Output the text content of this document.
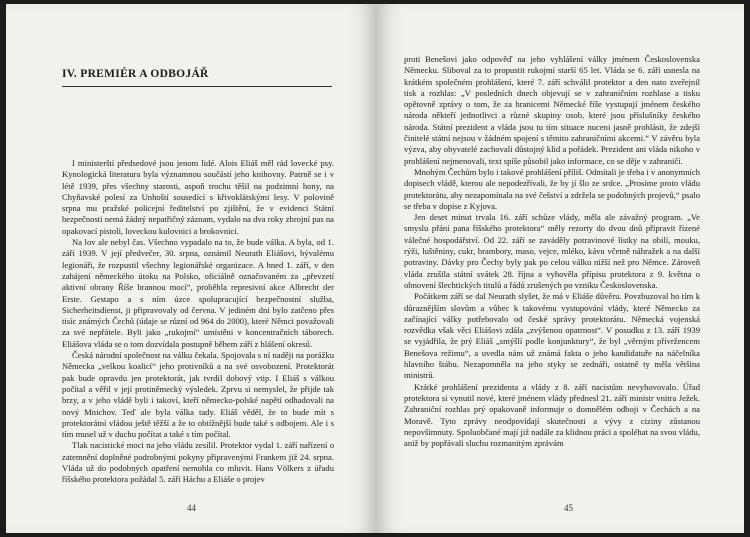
IV. PREMIÉR A ODBOJÁŘ

I ministerští předsedové jsou jenom lidé. Alois Eliáš měl rád lovecké psy. Kynologická literatura byla významnou součástí jeho knihovny. Patrně se i v létě 1939, přes všechny starosti, aspoň trochu těšil na podzimní hony, na Chyňavské polesí za Unhoští sousedící s křivoklátskými lesy. V polovině srpna mu pražské policejní ředitelství po zjištění, že v evidenci Státní bezpečnosti nemá žádný nepatřičný záznam, vydalo na dva roky zbrojní pas na opakovací pistoli, loveckou kulovnici a brokovnici.

Na lov ale nebyl čas. Všechno vypadalo na to, že bude válka. A byla, od 1. září 1939. V její předvečer, 30. srpna, oznámil Neurath Eliášovi, bývalému legionáři, že rozpustil všechny legionářské organizace. A hned 1. září, v den zahájení německého útoku na Polsko, oficiálně označovaném za „převzetí aktivní obrany Říše brannou mocí“, proběhla represivní akce Albrecht der Erste. Gestapo a s ním úzce spolupracující bezpečnostní služba, Sicherheitsdienst, ji připravovaly od června. V jediném dni bylo zatčeno přes tisíc známých Čechů (údaje se různí od 964 do 2000), které Němci považovali za své nepřátele. Byli jako „rukojmí“ umístěni v koncentračních táborech. Eliášova vláda se o tom dozvídala postupně během září z hlášení okresů.

Česká národní společnost na válku čekala. Spojovala s ní naději na porážku Německa „velkou koalicí“ jeho protivníků a na své osvobození. Protektorát pak bude opravdu jen protektorát, jak tvrdil dobový vtip. I Eliáš s válkou počítal a věřil v její protiněmecký výsledek. Zprvu si nemyslel, že přijde tak brzy, a v jeho vládě byli i takoví, kteří německo-polské napětí odhadovali na nový Mnichov. Teď ale byla válka tady. Eliáš věděl, že to bude mít s protektorátní vládou ještě těžší a že to obtížnější bude také s odbojem. Ale i s tím musel už v duchu počítat a také s tím počítal.

Tlak nacistické moci na jeho vládu zesílil. Protektor vydal 1. září nařízení o zatemnění doplněné podrobnými pokyny připravenými Frankem již 24. srpna. Vláda už do podobných opatření nemohla co mluvit. Hans Völkers z úřadu říšského protektora požádal 5. září Háchu a Eliáše o projev

44

proti Benešovi jako odpověď na jeho vyhlášení války jménem Československa Německu. Sliboval za to propustit rukojmí starší 65 let. Vláda se 6. září usnesla na krátkém společném prohlášení, které 7. září schválil protektor a den nato zveřejnil tisk a rozhlas: „V posledních dnech objevují se v zahraničním rozhlase a tisku opětovně zprávy o tom, že za hranicemi Německé říše vystupují jménem českého národa někteří jednotlivci a různé skupiny osob, které jsou příslušníky českého národa. Státní prezident a vláda jsou tu tím situace nuceni jasně prohlásit, že zdejší činitelé státní nejsou v žádném spojení s těmito zahraničními akcemi.“ V závěru byla výzva, aby obyvatelé zachovali důstojný klid a pořádek. Prezident ani vláda nikoho v prohlášení nejmenovali, text spíše působil jako informace, co se děje v zahraničí.

Mnohým Čechům bylo i takové prohlášení příliš. Odmítali je třeba i v anonymních dopisech vládě, kterou ale nepodezřívali, že by jí šlo ze srdce. „Prosíme proto vládu protektorátu, aby nezapomínala na své češství a zdržela se podobných projevů,“ psalo se třeba v dopise z Kyjova.

Jen deset minut trvala 16. září schůze vlády, měla ale závažný program. „Ve smyslu přání pana říšského protektora“ měly rezorty do dvou dnů připravit řízené válečné hospodářství. Od 22. září se zaváděly potravinové lístky na obilí, mouku, rýži, luštěniny, cukr, brambory, maso, vejce, mléko, kávu včetně náhražek a na další potraviny. Dávky pro Čechy byly pak po celou válku nižší než pro Němce. Zároveň vláda zrušila státní svátek 28. října a vyhověla přípisu protektora z 9. května o obnovení šlechtických titulů a řádů zrušených po vzniku Československa.

Počátkem září se dal Neurath slyšet, že má v Eliáše důvěru. Povzbuzoval ho tím k důraznějším slovům a vůbec k takovému vystupování vlády, které Německo za začínající války potřebovalo od české správy protektorátu. Německá vojenská rozvědka však věci Eliášovi zdála „zvýšenou opatrnost“. V posudku z 13. září 1939 se vyjádřila, že prý Eliáš „smýšlí podle konjunktury“, že byl „věrným přívržencem Benešova režimu“, a uvedla nám už známá fakta o jeho kandidatuře na náčelníka hlavního štábu. Nezapomněla na jeho styky se zednáři, ostatně ty měla většina ministrů.

Krátké prohlášení prezidenta a vlády z 8. září nacistům nevyhovovalo. Úřad protektora si vynutil nové, které jménem vlády přednesl 21. září ministr vnitra Ježek. Zahraniční rozhlas prý opakovaně informuje o domnělém odboji v Čechách a na Moravě. Tyto zprávy neodpovídají skutečnosti a vývy z ciziny zůstanou nepovšimnuty. Spoluobčané mají již nadále za klidnou práci a spoléhat na svou vládu, aniž by popřávali sluchu rozmanitým zprávám

45
